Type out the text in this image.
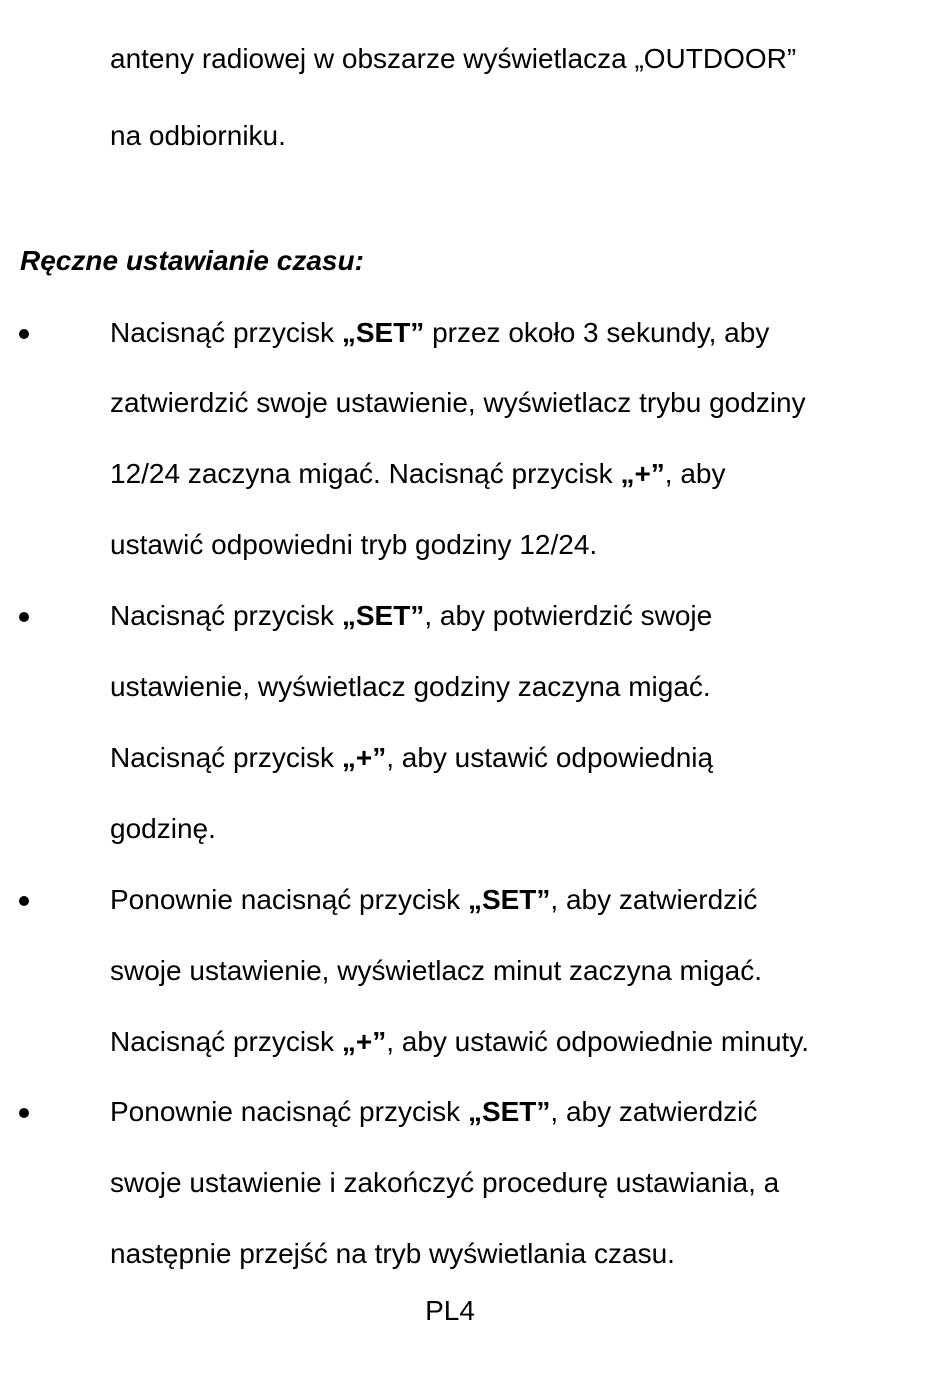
anteny radiowej w obszarze wyświetlacza „OUTDOOR”
na odbiorniku.
Ręczne ustawianie czasu:
Nacisnąć przycisk „SET” przez około 3 sekundy, aby
zatwierdzić swoje ustawienie, wyświetlacz trybu godziny
12/24 zaczyna migać. Nacisnąć przycisk „+”, aby
ustawić odpowiedni tryb godziny 12/24.
Nacisnąć przycisk „SET”, aby potwierdzić swoje
ustawienie, wyświetlacz godziny zaczyna migać.
Nacisnąć przycisk „+”, aby ustawić odpowiednią
godzinę.
Ponownie nacisnąć przycisk „SET”, aby zatwierdzić
swoje ustawienie, wyświetlacz minut zaczyna migać.
Nacisnąć przycisk „+”, aby ustawić odpowiednie minuty.
Ponownie nacisnąć przycisk „SET”, aby zatwierdzić
swoje ustawienie i zakończyć procedurę ustawiania, a
następnie przejść na tryb wyświetlania czasu.
PL4
